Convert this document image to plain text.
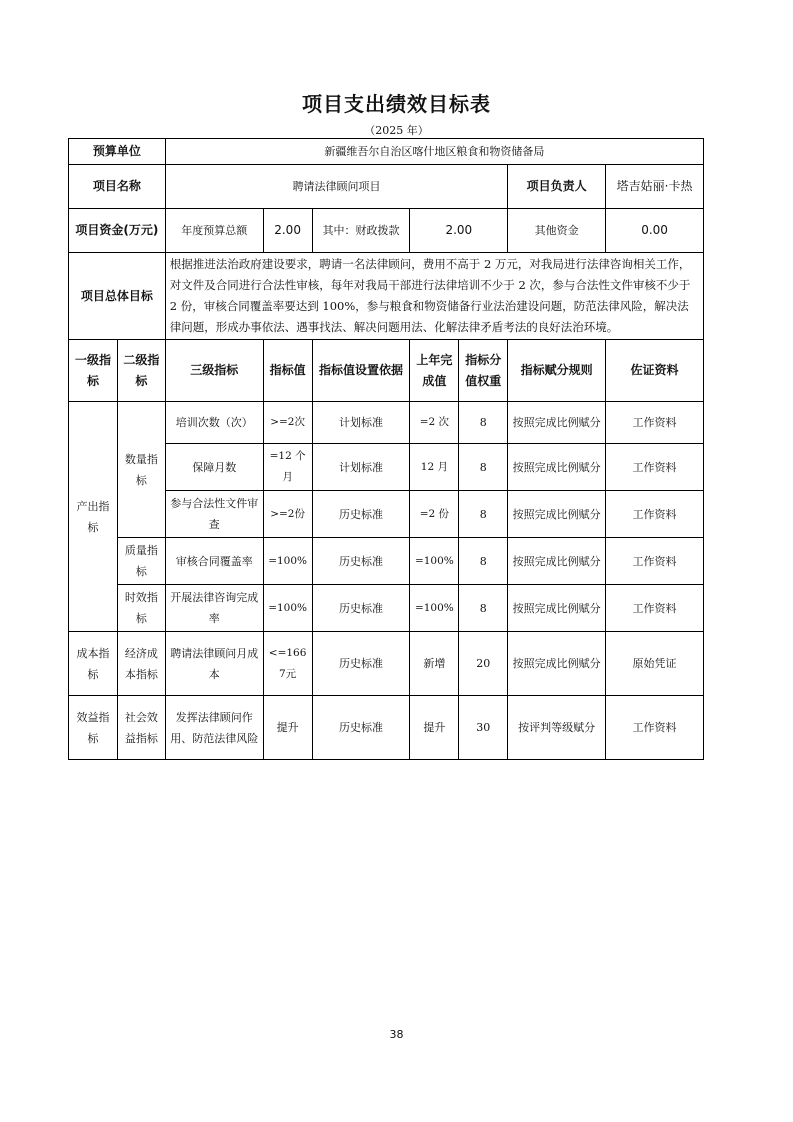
项目支出绩效目标表
（2025 年）
预算单位		新疆维吾尔自治区喀什地区粮食和物资储备局						
项目名称		聘请法律顾问项目					项目负责人	塔吉姑丽·卡热
项目资金(万元)		年度预算总额	2.00	其中：财政拨款	2.00		其他资金	0.00
项目总体目标		根据推进法治政府建设要求，聘请一名法律顾问，费用不高于 2 万元，对我局进行法律咨询相关工作，对文件及合同进行合法性审核，每年对我局干部进行法律培训不少于 2 次，参与合法性文件审核不少于 2 份，审核合同覆盖率要达到 100%，参与粮食和物资储备行业法治建设问题，防范法律风险，解决法律问题，形成办事依法、遇事找法、解决问题用法、化解法律矛盾考法的良好法治环境。						
一级指标	二级指标	三级指标	指标值	指标值设置依据	上年完成值	指标分值权重	指标赋分规则	佐证资料
产出指标	数量指标	培训次数（次）	>=2次	计划标准	=2 次	8	按照完成比例赋分	工作资料
		保障月数	=12 个月	计划标准	12 月	8	按照完成比例赋分	工作资料
		参与合法性文件审查	>=2份	历史标准	=2 份	8	按照完成比例赋分	工作资料
	质量指标	审核合同覆盖率	=100%	历史标准	=100%	8	按照完成比例赋分	工作资料
	时效指标	开展法律咨询完成率	=100%	历史标准	=100%	8	按照完成比例赋分	工作资料
成本指标	经济成本指标	聘请法律顾问月成本	<=1667元	历史标准	新增	20	按照完成比例赋分	原始凭证
效益指标	社会效益指标	发挥法律顾问作用、防范法律风险	提升	历史标准	提升	30	按评判等级赋分	工作资料
38
